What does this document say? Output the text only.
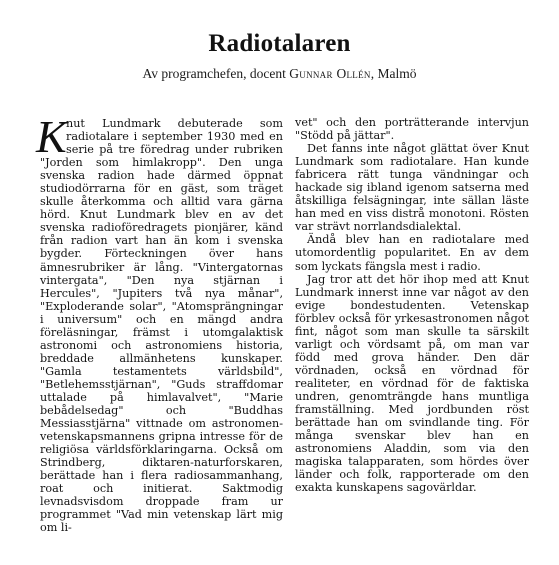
Radiotalaren

Av programchefen, docent Gunnar Ollén, Malmö

Knut Lundmark debuterade som radiotalare i september 1930 med en serie på tre föredrag under rubriken "Jorden som himlakropp". Den unga svenska radion hade därmed öppnat studiodörrarna för en gäst, som träget skulle återkomma och alltid vara gärna hörd. Knut Lundmark blev en av det svenska radioföredragets pionjärer, känd från radion vart han än kom i svenska bygder. Förteckningen över hans ämnesrubriker är lång. "Vintergatornas vintergata", "Den nya stjärnan i Hercules", "Jupiters två nya månar", "Exploderande solar", "Atomsprängningar i universum" och en mängd andra föreläsningar, främst i utomgalaktisk astronomi och astronomiens historia, breddade allmänhetens kunskaper. "Gamla testamentets världsbild", "Betlehemsstjärnan", "Guds straffdomar uttalade på himlavalvet", "Marie bebådelsedag" och "Buddhas Messiasstjärna" vittnade om astronomen-vetenskapsmannens gripna intresse för de religiösa världsförklaringarna. Också om Strindberg, diktaren-naturforskaren, berättade han i flera radiosammanhang, roat och initierat. Saktmodig levnadsvisdom droppade fram ur programmet "Vad min vetenskap lärt mig om li-

vet" och den porträtterande intervjun "Stödd på jättar".

Det fanns inte något glättat över Knut Lundmark som radiotalare. Han kunde fabricera rätt tunga vändningar och hackade sig ibland igenom satserna med åtskilliga felsägningar, inte sällan läste han med en viss distrå monotoni. Rösten var strävt norrlandsdialektal.

Ändå blev han en radiotalare med utomordentlig popularitet. En av dem som lyckats fängsla mest i radio.

Jag tror att det hör ihop med att Knut Lundmark innerst inne var något av den evige bondestudenten. Vetenskap förblev också för yrkesastronomen något fint, något som man skulle ta särskilt varligt och vördsamt på, om man var född med grova händer. Den där vördnaden, också en vördnad för realiteter, en vördnad för de faktiska undren, genomträngde hans muntliga framställning. Med jordbunden röst berättade han om svindlande ting. För många svenskar blev han en astronomiens Aladdin, som via den magiska talapparaten, som hördes över länder och folk, rapporterade om den exakta kunskapens sagovärldar.
